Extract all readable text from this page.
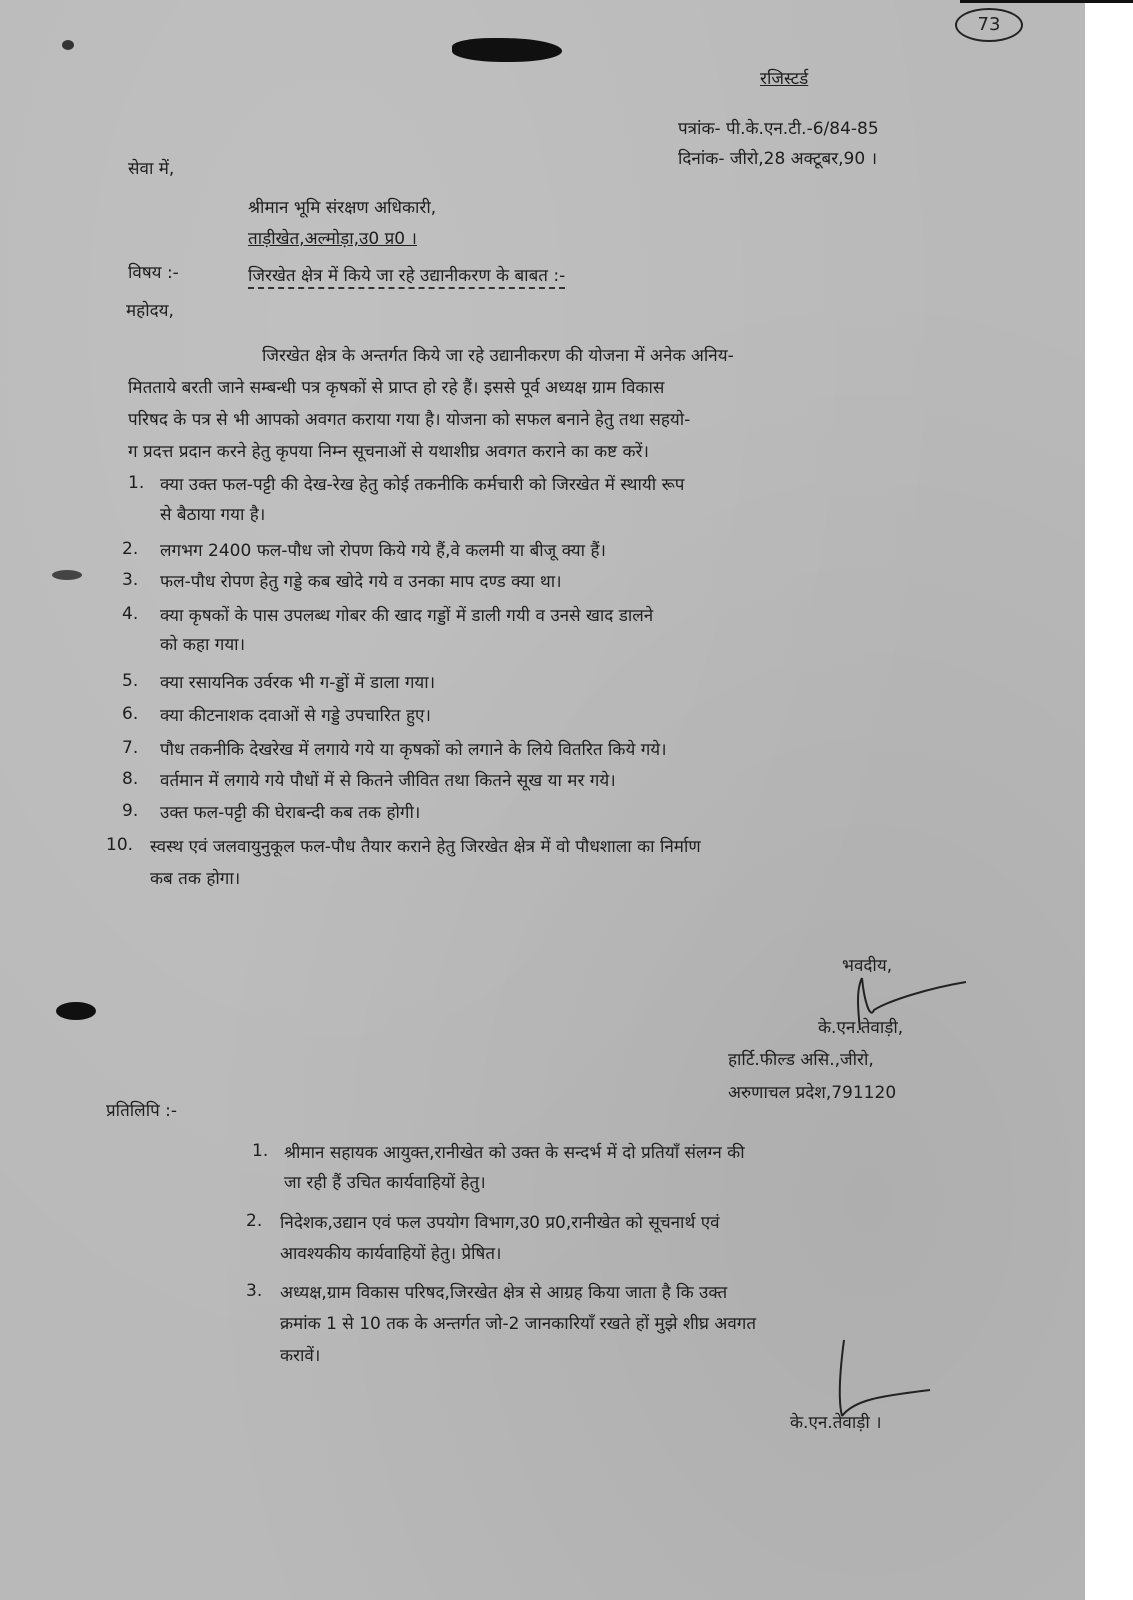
रजिस्टर्ड
पत्रांक- पी.के.एन.टी.-6/84-85
दिनांक- जीरो,28 अक्टूबर,90 ।
सेवा में,
श्रीमान भूमि संरक्षण अधिकारी,
ताड़ीखेत,अल्मोड़ा,उ0 प्र0 ।
विषय :-	जिरखेत क्षेत्र में किये जा रहे उद्यानीकरण के बाबत :-
महोदय,
जिरखेत क्षेत्र के अन्तर्गत किये जा रहे उद्यानीकरण की योजना में अनेक अनिय-
मितताये बरती जाने सम्बन्धी पत्र कृषकों से प्राप्त हो रहे हैं। इससे पूर्व अध्यक्ष ग्राम विकास
परिषद के पत्र से भी आपको अवगत कराया गया है। योजना को सफल बनाने हेतु तथा सहयो-
ग प्रदत्त प्रदान करने हेतु कृपया निम्न सूचनाओं से यथाशीघ्र अवगत कराने का कष्ट करें।
1. क्या उक्त फल-पट्टी की देख-रेख हेतु कोई तकनीकि कर्मचारी को जिरखेत में स्थायी रूप
से बैठाया गया है।
2. लगभग 2400 फल-पौध जो रोपण किये गये हैं,वे कलमी या बीजू क्या हैं।
3. फल-पौध रोपण हेतु गड्डे कब खोदे गये व उनका माप दण्ड क्या था।
4. क्या कृषकों के पास उपलब्ध गोबर की खाद गड्डों में डाली गयी व उनसे खाद डालने
को कहा गया।
5. क्या रसायनिक उर्वरक भी ग-ड्डों में डाला गया।
6. क्या कीटनाशक दवाओं से गड्डे उपचारित हुए।
7. पौध तकनीकि देखरेख में लगाये गये या कृषकों को लगाने के लिये वितरित किये गये।
8. वर्तमान में लगाये गये पौधों में से कितने जीवित तथा कितने सूख या मर गये।
9. उक्त फल-पट्टी की घेराबन्दी कब तक होगी।
10. स्वस्थ एवं जलवायुनुकूल फल-पौध तैयार कराने हेतु जिरखेत क्षेत्र में वो पौधशाला का निर्माण
कब तक होगा।
भवदीय,
के.एन.तेवाड़ी,
हार्टि.फील्ड असि.,जीरो,
अरुणाचल प्रदेश,791120
प्रतिलिपि :-
1. श्रीमान सहायक आयुक्त,रानीखेत को उक्त के सन्दर्भ में दो प्रतियाँ संलग्न की
जा रही हैं उचित कार्यवाहियों हेतु।
2. निदेशक,उद्यान एवं फल उपयोग विभाग,उ0 प्र0,रानीखेत को सूचनार्थ एवं
आवश्यकीय कार्यवाहियों हेतु। प्रेषित।
3. अध्यक्ष,ग्राम विकास परिषद,जिरखेत क्षेत्र से आग्रह किया जाता है कि उक्त
क्रमांक 1 से 10 तक के अन्तर्गत जो-2 जानकारियाँ रखते हों मुझे शीघ्र अवगत
करावें।
के.एन.तेवाड़ी ।
73
